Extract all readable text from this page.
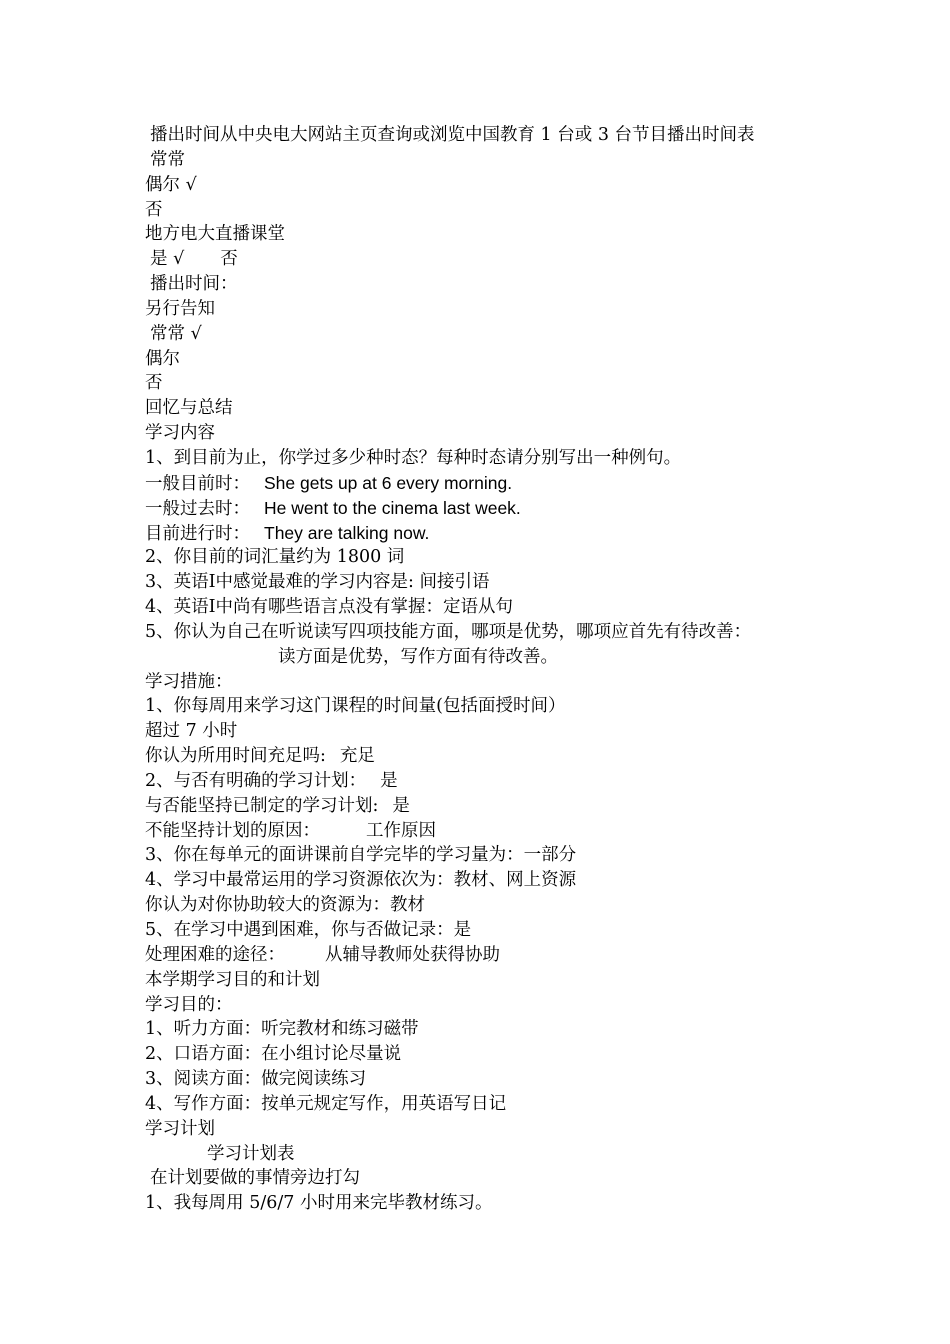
播出时间从中央电大网站主页查询或浏览中国教育 1 台或 3 台节目播出时间表
常常
偶尔 √
否
地方电大直播课堂
是 √ 否
播出时间：
另行告知
常常 √
偶尔
否
回忆与总结
学习内容
1、到目前为止，你学过多少种时态？每种时态请分别写出一种例句。
一般目前时： She gets up at 6 every morning.
一般过去时： He went to the cinema last week.
目前进行时： They are talking now.
2、你目前的词汇量约为 1800 词
3、英语Ⅰ中感觉最难的学习内容是: 间接引语
4、英语Ⅰ中尚有哪些语言点没有掌握：定语从句
5、你认为自己在听说读写四项技能方面，哪项是优势，哪项应首先有待改善：
读方面是优势，写作方面有待改善。
学习措施：
1、你每周用来学习这门课程的时间量(包括面授时间）
超过 7 小时
你认为所用时间充足吗: 充足
2、与否有明确的学习计划： 是
与否能坚持已制定的学习计划: 是
不能坚持计划的原因：	工作原因
3、你在每单元的面讲课前自学完毕的学习量为：一部分
4、学习中最常运用的学习资源依次为：教材、网上资源
你认为对你协助较大的资源为：教材
5、在学习中遇到困难，你与否做记录：是
处理困难的途径： 从辅导教师处获得协助
本学期学习目的和计划
学习目的：
1、听力方面：听完教材和练习磁带
2、口语方面：在小组讨论尽量说
3、阅读方面：做完阅读练习
4、写作方面：按单元规定写作，用英语写日记
学习计划
学习计划表
在计划要做的事情旁边打勾
1、我每周用 5/6/7 小时用来完毕教材练习。
